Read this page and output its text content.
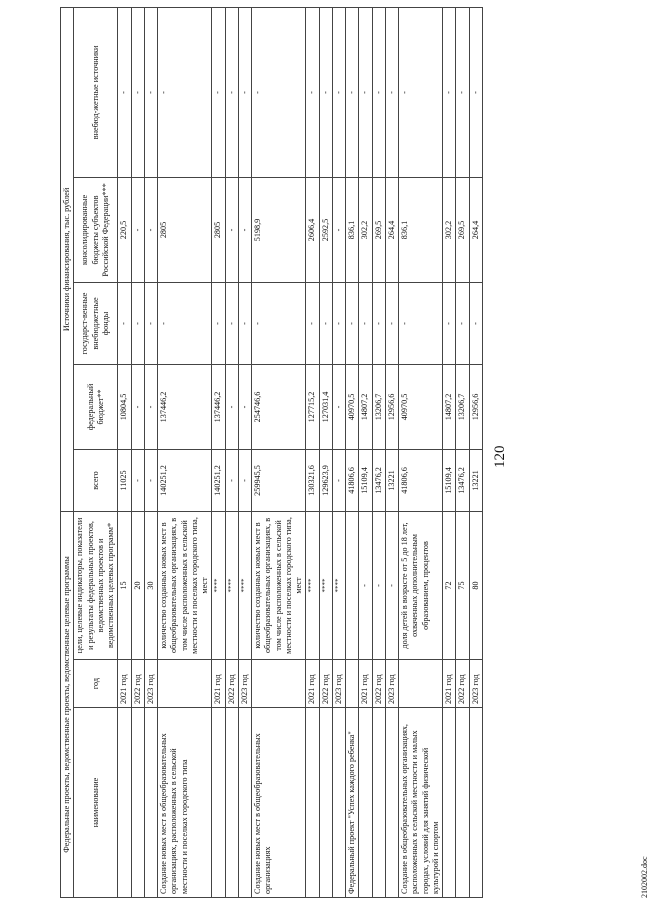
120
Федеральные проекты, ведомственные проекты, ведомственные целевые программы			Источники финансирования, тыс. рублей				
наименование	год	цели, целевые индикаторы, показатели и результаты федеральных проектов, ведомственных проектов и ведомственных целевых программ*	всего	федеральный бюджет**	государст-венные внебюджетные фонды	консолидированные бюджеты субъектов Российской Федерации***	внебюд-жетные источники
	2021 год	15	11025	10804,5	-	220,5	-
	2022 год	20	-	-	-	-	-
	2023 год	30	-	-	-	-	-
Создание новых мест в общеобразовательных организациях, расположенных в сельской местности и поселках городского типа		количество созданных новых мест в общеобразовательных организациях, в том числе расположенных в сельской местности и поселках городского типа, мест	140251,2	137446,2	-	2805	-
	2021 год	****	140251,2	137446,2	-	2805	-
	2022 год	****	-	-	-	-	-
	2023 год	****	-	-	-	-	-
Создание новых мест в общеобразовательных организациях		количество созданных новых мест в общеобразовательных организациях, в том числе расположенных в сельской местности и поселках городского типа, мест	259945,5	254746,6	-	5198,9	-
	2021 год	****	130321,6	127715,2	-	2606,4	-
	2022 год	****	129623,9	127031,4	-	2592,5	-
	2023 год	****	-	-	-	-	-
Федеральный проект "Успех каждого ребенка"			41806,6	40970,5	-	836,1	-
	2021 год	-	15109,4	14807,2	-	302,2	-
	2022 год	-	13476,2	13206,7	-	269,5	-
	2023 год	-	13221	12956,6	-	264,4	-
Создание в общеобразовательных организациях, расположенных в сельской местности и малых городах, условий для занятий физической культурой и спортом		доля детей в возрасте от 5 до 18 лет, охваченных дополнительным образованием, процентов	41806,6	40970,5	-	836,1	-
	2021 год	72	15109,4	14807,2	-	302,2	-
	2022 год	75	13476,2	13206,7	-	269,5	-
	2023 год	80	13221	12956,6	-	264,4	-
2102002.doc
